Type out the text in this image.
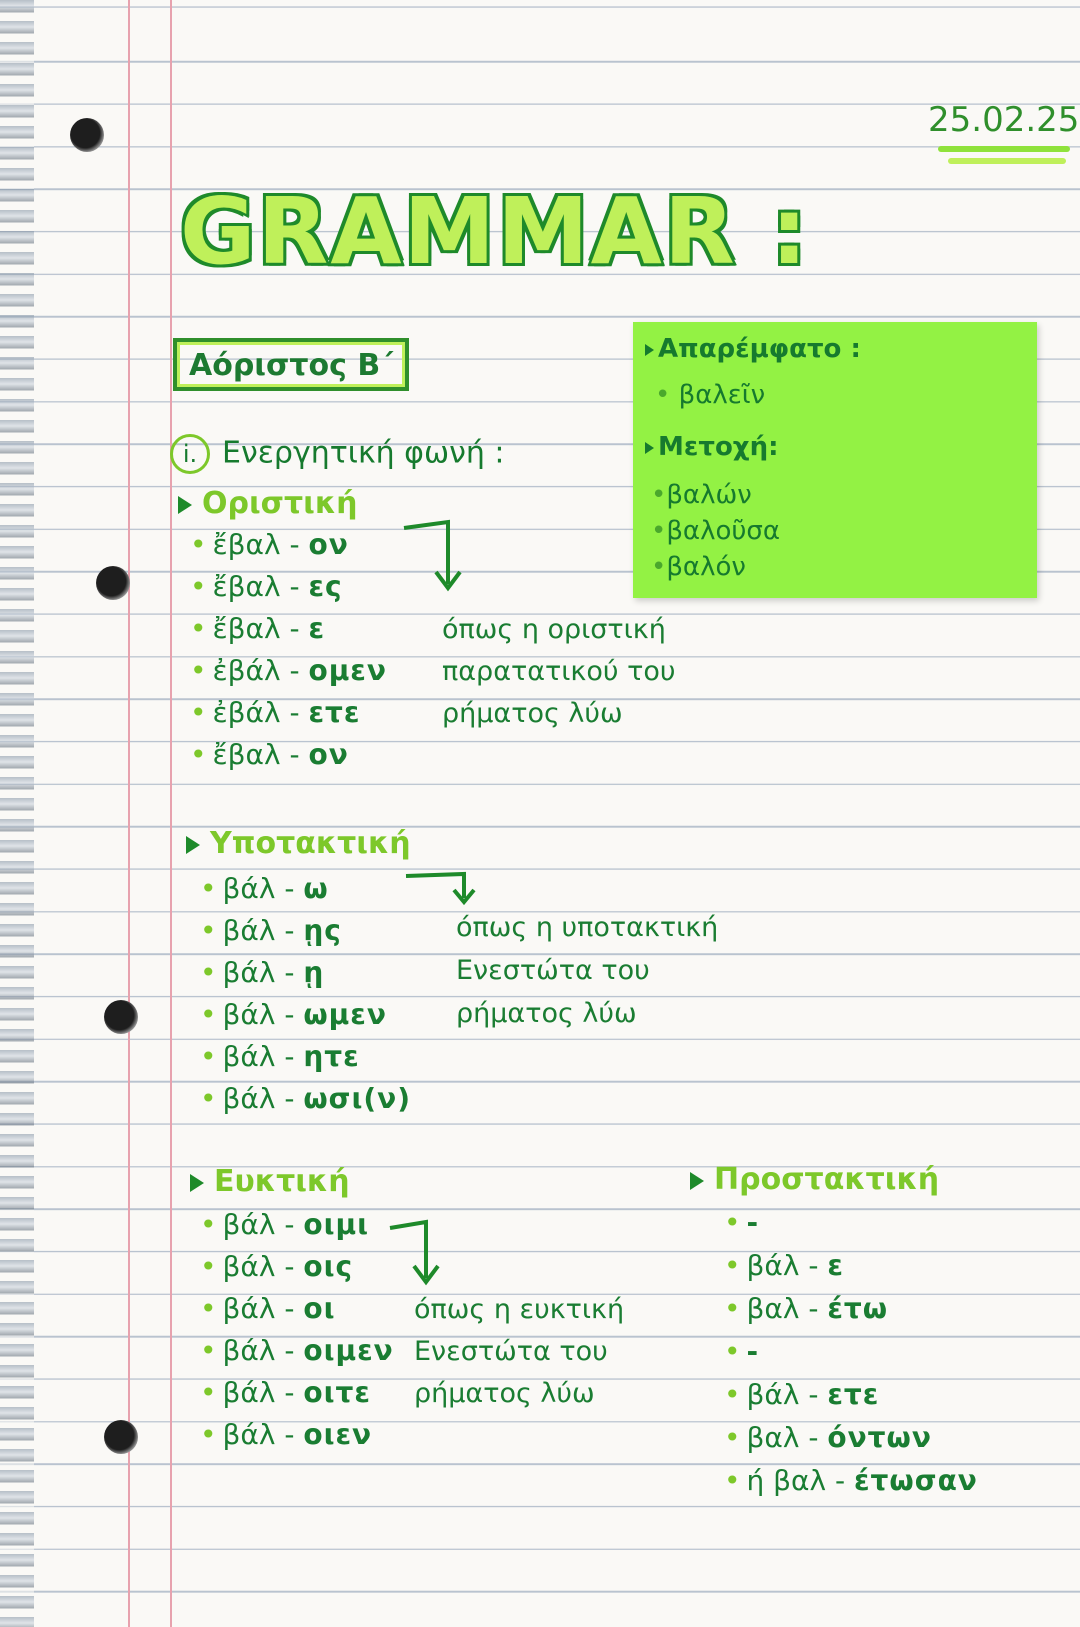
25.02.25
GRAMMAR :
Αόριστος Β΄	Απαρέμφατο :
• βαλεῖν
Μετοχή:
•βαλών
•βαλοῦσα
•βαλόν
i. Ενεργητική φωνή :
Οριστική
• ἔβαλ - ον
• ἔβαλ - ες
• ἔβαλ - ε
• ἐβάλ - ομεν
• ἐβάλ - ετε
• ἔβαλ - ον
όπως η οριστική
παρατατικού του
ρήματος λύω
Υποτακτική
• βάλ - ω
• βάλ - ῃς
• βάλ - ῃ
• βάλ - ωμεν
• βάλ - ητε
• βάλ - ωσι(ν)
όπως η υποτακτική
Ενεστώτα του
ρήματος λύω
Ευκτική
• βάλ - οιμι
• βάλ - οις
• βάλ - οι
• βάλ - οιμεν
• βάλ - οιτε
• βάλ - οιεν
όπως η ευκτική
Ενεστώτα του
ρήματος λύω
Προστακτική
• -
• βάλ - ε
• βαλ - έτω
• -
• βάλ - ετε
• βαλ - όντων
• ή βαλ - έτωσαν
